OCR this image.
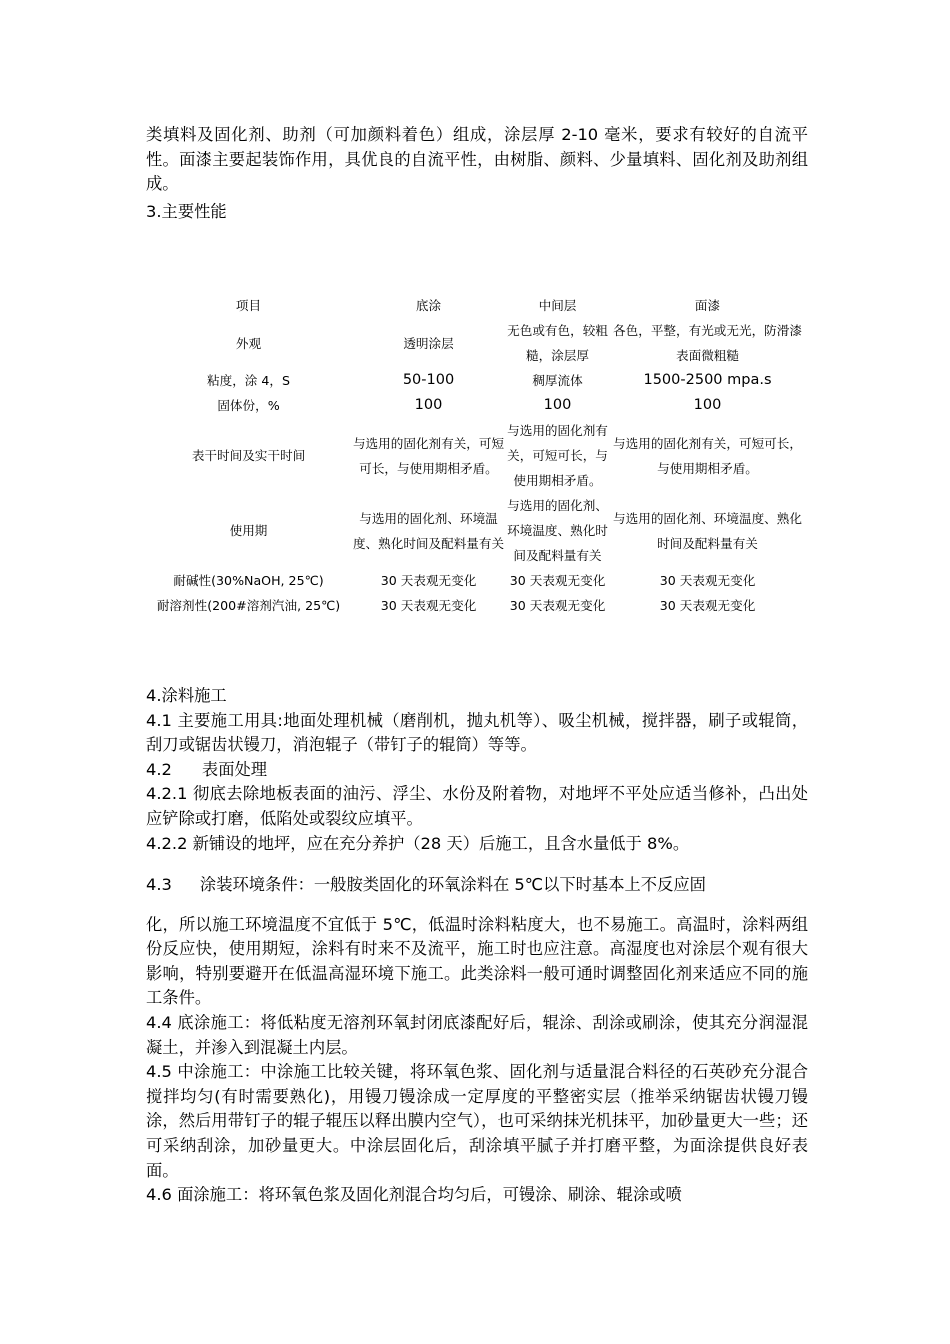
类填料及固化剂、助剂（可加颜料着色）组成，涂层厚 2-10 毫米，要求有较好的自流平性。面漆主要起装饰作用，具优良的自流平性，由树脂、颜料、少量填料、固化剂及助剂组成。

3.主要性能

项目	底涂	中间层	面漆
外观	透明涂层	无色或有色，较粗糙，涂层厚	各色，平整，有光或无光，防滑漆表面微粗糙
粘度，涂 4，S	50-100	稠厚流体	1500-2500 mpa.s
固体份，%	100	100	100
表干时间及实干时间	与选用的固化剂有关，可短可长，与使用期相矛盾。	与选用的固化剂有关，可短可长，与使用期相矛盾。	与选用的固化剂有关，可短可长，与使用期相矛盾。
使用期	与选用的固化剂、环境温度、熟化时间及配料量有关	与选用的固化剂、环境温度、熟化时间及配料量有关	与选用的固化剂、环境温度、熟化时间及配料量有关
耐碱性(30%NaOH, 25℃)	30 天表观无变化	30 天表观无变化	30 天表观无变化
耐溶剂性(200#溶剂汽油, 25℃)	30 天表观无变化	30 天表观无变化	30 天表观无变化
4.涂料施工
4.1 主要施工用具:地面处理机械（磨削机，抛丸机等）、吸尘机械，搅拌器，刷子或辊筒，刮刀或锯齿状镘刀，消泡辊子（带钉子的辊筒）等等。
4.2 表面处理
4.2.1 彻底去除地板表面的油污、浮尘、水份及附着物，对地坪不平处应适当修补，凸出处应铲除或打磨，低陷处或裂纹应填平。
4.2.2 新铺设的地坪，应在充分养护（28 天）后施工，且含水量低于 8%。
4.3 涂装环境条件：一般胺类固化的环氧涂料在 5℃以下时基本上不反应固
化，所以施工环境温度不宜低于 5℃，低温时涂料粘度大，也不易施工。高温时，涂料两组份反应快，使用期短，涂料有时来不及流平，施工时也应注意。高湿度也对涂层个观有很大影响，特别要避开在低温高湿环境下施工。此类涂料一般可通时调整固化剂来适应不同的施工条件。
4.4 底涂施工：将低粘度无溶剂环氧封闭底漆配好后，辊涂、刮涂或刷涂，使其充分润湿混凝土，并渗入到混凝土内层。
4.5 中涂施工：中涂施工比较关键，将环氧色浆、固化剂与适量混合料径的石英砂充分混合搅拌均匀(有时需要熟化)，用镘刀镘涂成一定厚度的平整密实层（推举采纳锯齿状镘刀镘涂，然后用带钉子的辊子辊压以释出膜内空气），也可采纳抹光机抹平，加砂量更大一些；还可采纳刮涂，加砂量更大。中涂层固化后，刮涂填平腻子并打磨平整，为面涂提供良好表面。
4.6 面涂施工：将环氧色浆及固化剂混合均匀后，可镘涂、刷涂、辊涂或喷
